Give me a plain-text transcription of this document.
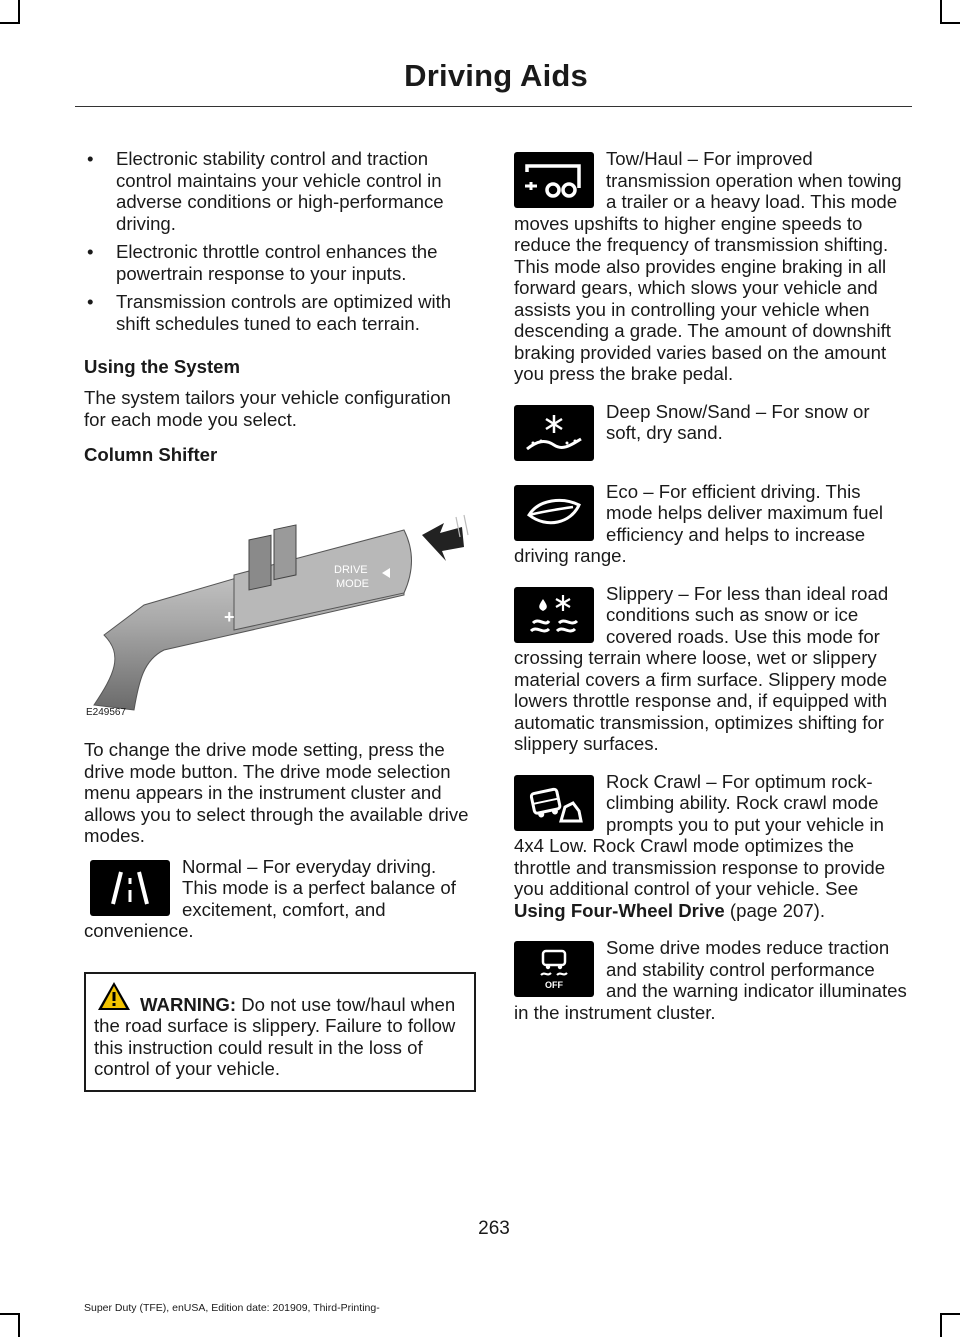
Driving Aids
• Electronic stability control and traction control maintains your vehicle control in adverse conditions or high-performance driving.
• Electronic throttle control enhances the powertrain response to your inputs.
• Transmission controls are optimized with shift schedules tuned to each terrain.
Using the System

The system tailors your vehicle configuration for each mode you select.

Column Shifter
+
–
DRIVE
MODE
E249567

To change the drive mode setting, press the drive mode button. The drive mode selection menu appears in the instrument cluster and allows you to select through the available drive modes.

Normal – For everyday driving. This mode is a perfect balance of excitement, comfort, and convenience.

WARNING: Do not use tow/haul when the road surface is slippery. Failure to follow this instruction could result in the loss of control of your vehicle.

Tow/Haul – For improved transmission operation when towing a trailer or a heavy load. This mode moves upshifts to higher engine speeds to reduce the frequency of transmission shifting. This mode also provides engine braking in all forward gears, which slows your vehicle and assists you in controlling your vehicle when descending a grade. The amount of downshift braking provided varies based on the amount you press the brake pedal.

Deep Snow/Sand – For snow or soft, dry sand.

Eco – For efficient driving. This mode helps deliver maximum fuel efficiency and helps to increase driving range.

Slippery – For less than ideal road conditions such as snow or ice covered roads. Use this mode for crossing terrain where loose, wet or slippery material covers a firm surface. Slippery mode lowers throttle response and, if equipped with automatic transmission, optimizes shifting for slippery surfaces.

Rock Crawl – For optimum rock-climbing ability. Rock crawl mode prompts you to put your vehicle in 4x4 Low. Rock Crawl mode optimizes the throttle and transmission response to provide you additional control of your vehicle. See Using Four-Wheel Drive (page 207).

OFF

Some drive modes reduce traction and stability control performance and the warning indicator illuminates in the instrument cluster.

263
Super Duty (TFE), enUSA, Edition date: 201909, Third-Printing-
